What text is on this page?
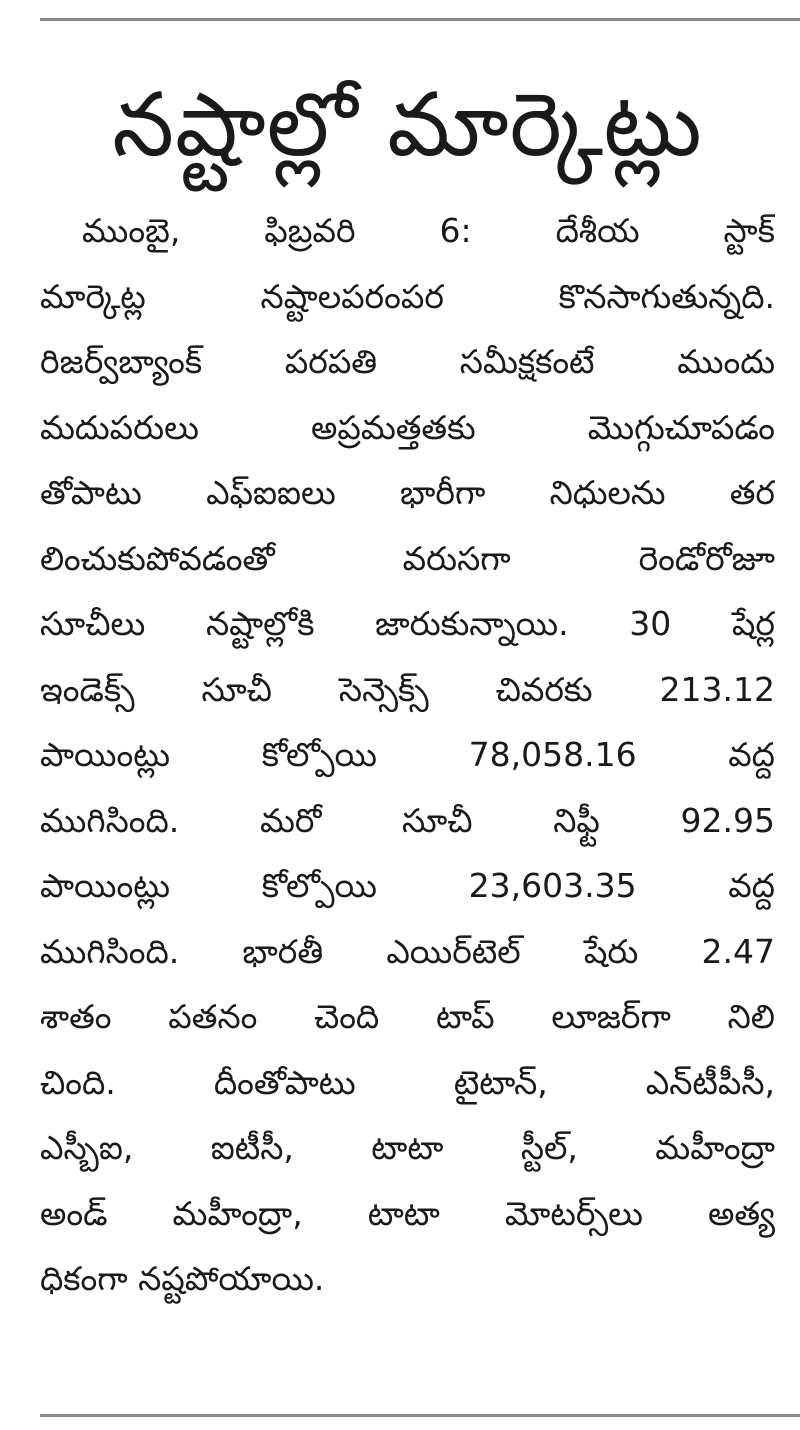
నష్టాల్లో మార్కెట్లు
ముంబై, ఫిబ్రవరి 6: దేశీయ స్టాక్
మార్కెట్ల నష్టాలపరంపర కొనసాగుతున్నది.
రిజర్వ్‌బ్యాంక్ పరపతి సమీక్షకంటే ముందు
మదుపరులు అప్రమత్తతకు మొగ్గుచూపడం
తోపాటు ఎఫ్‌ఐఐలు భారీగా నిధులను తర
లించుకుపోవడంతో వరుసగా రెండోరోజూ
సూచీలు నష్టాల్లోకి జారుకున్నాయి. 30 షేర్ల
ఇండెక్స్ సూచీ సెన్సెక్స్ చివరకు 213.12
పాయింట్లు కోల్పోయి 78,058.16 వద్ద
ముగిసింది. మరో సూచీ నిఫ్టీ 92.95
పాయింట్లు కోల్పోయి 23,603.35 వద్ద
ముగిసింది. భారతీ ఎయిర్‌టెల్ షేరు 2.47
శాతం పతనం చెంది టాప్ లూజర్‌గా నిలి
చింది. దీంతోపాటు టైటాన్, ఎన్‌టీపీసీ,
ఎస్బీఐ, ఐటీసీ, టాటా స్టీల్, మహీంద్రా
అండ్ మహీంద్రా, టాటా మోటర్స్‌లు అత్య
ధికంగా నష్టపోయాయి.
